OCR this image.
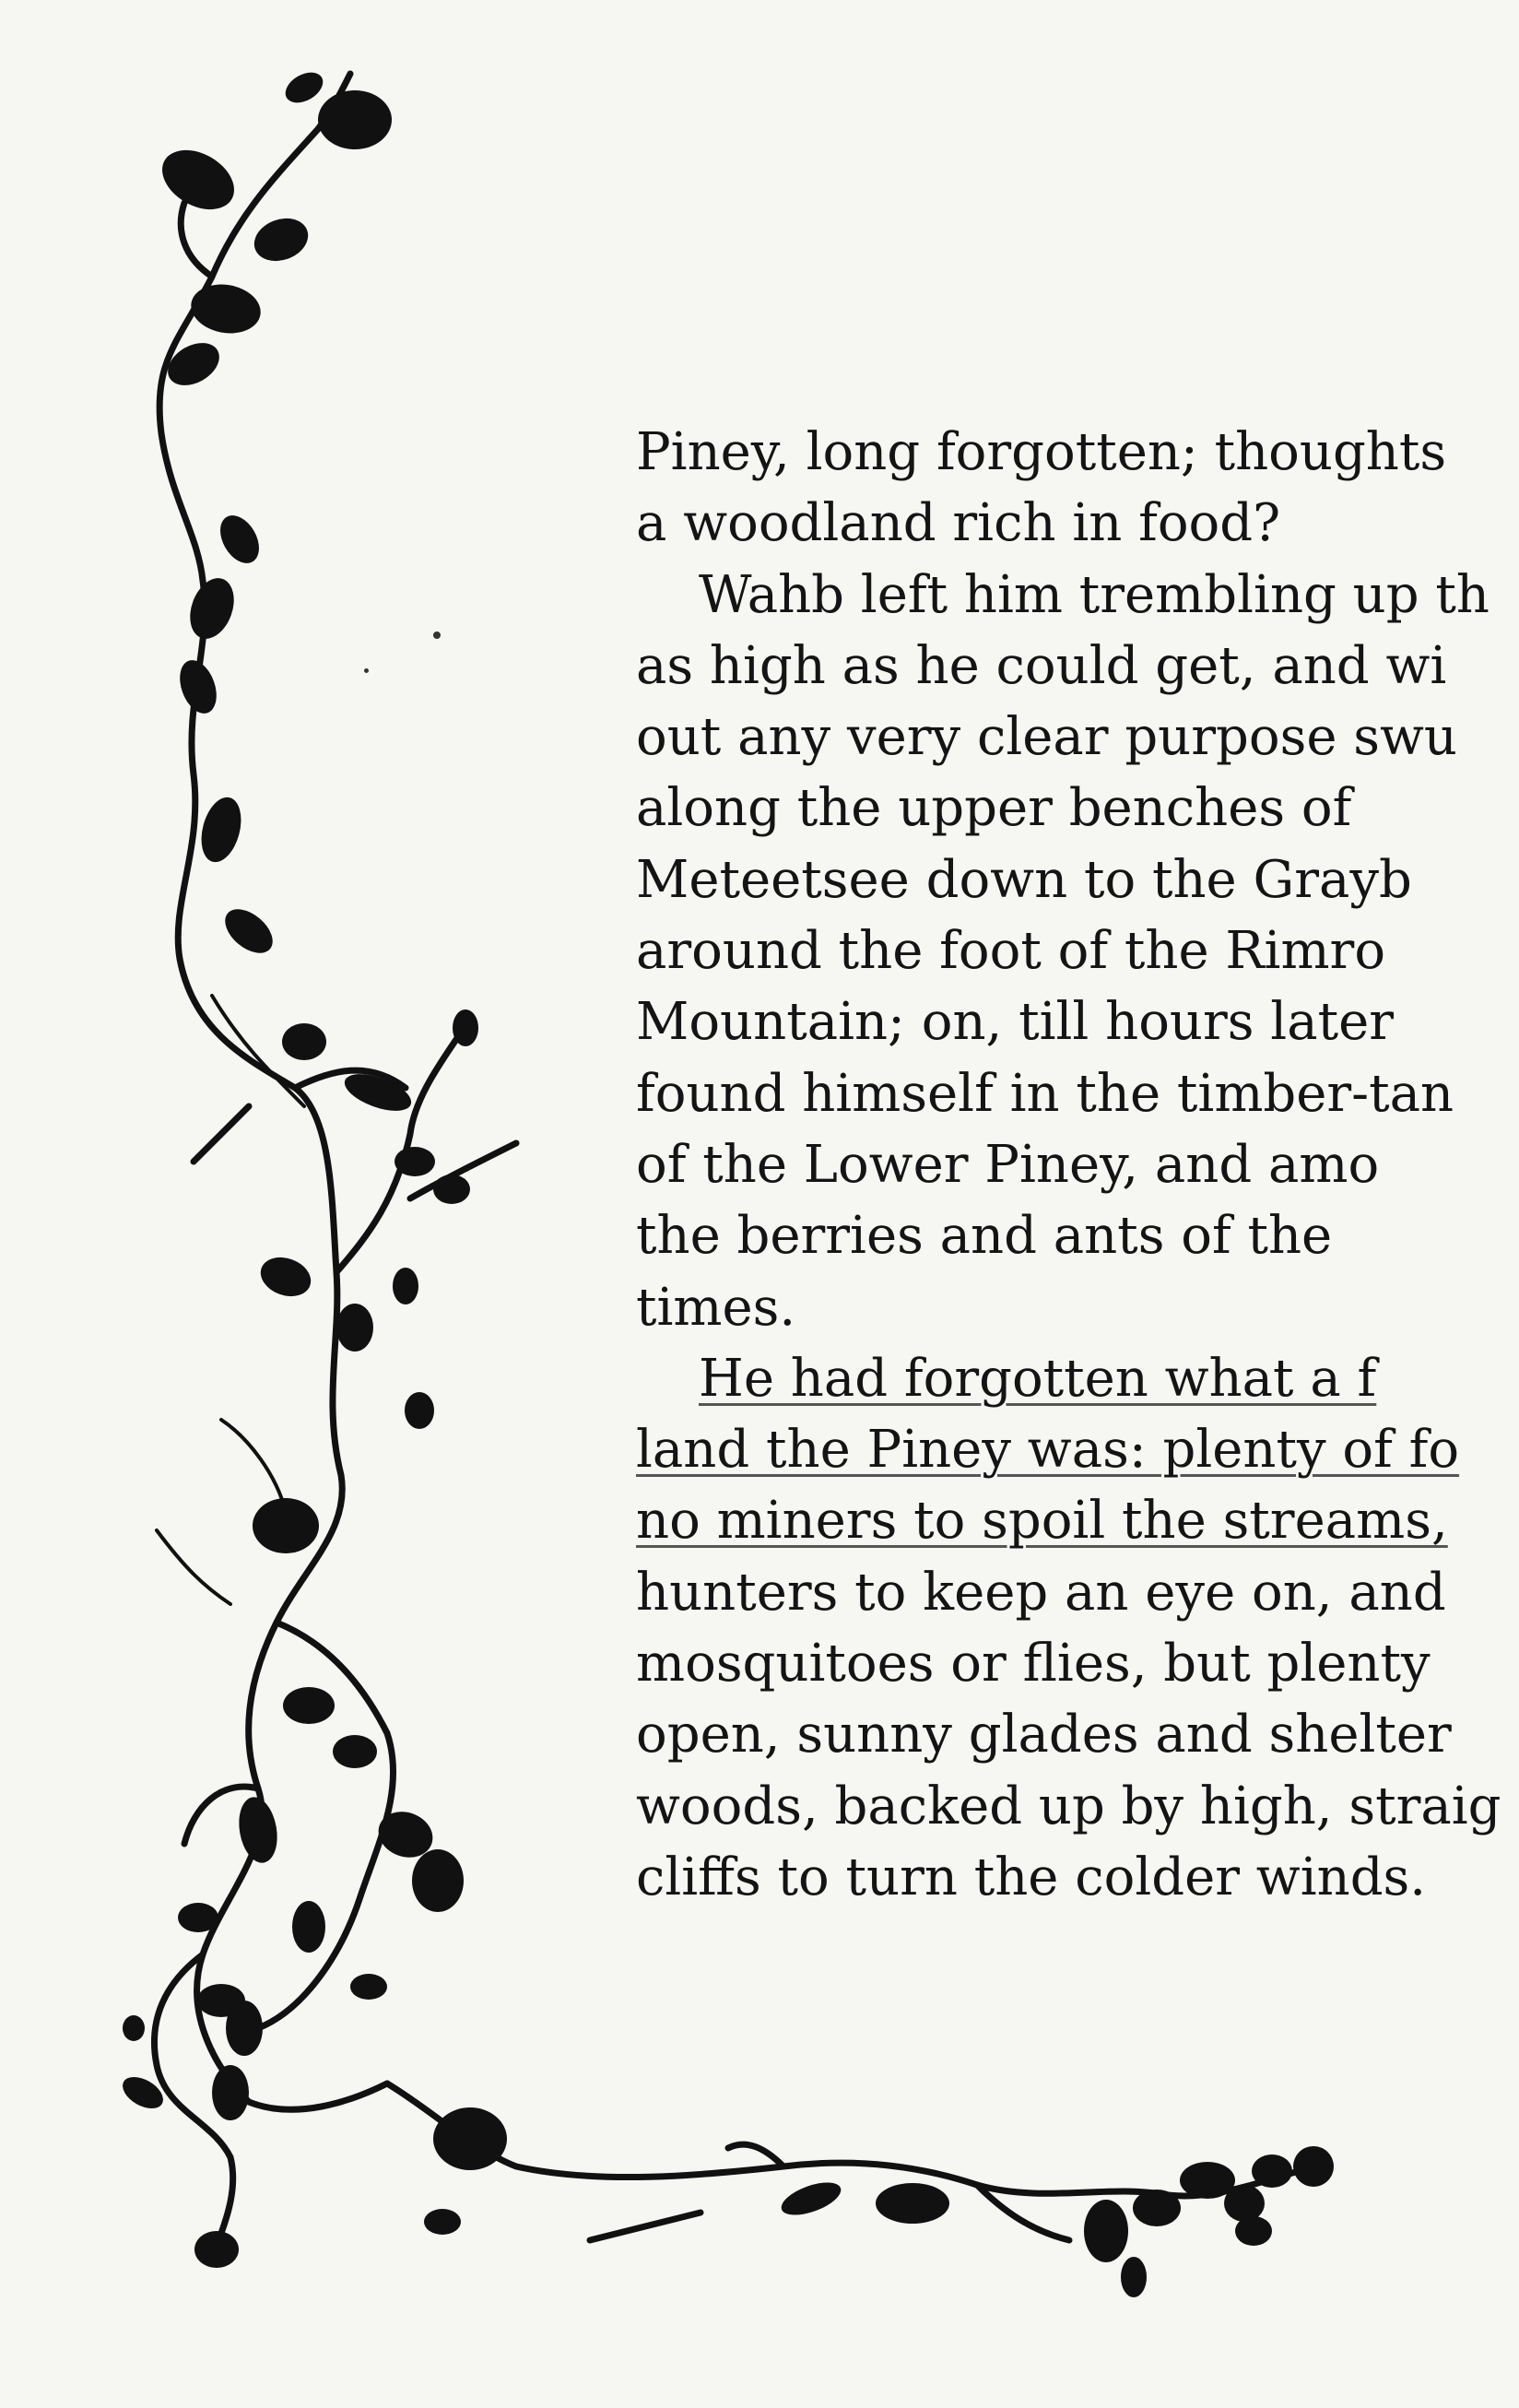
Piney, long forgotten; thoughts
a woodland rich in food?
Wahb left him trembling up th
as high as he could get, and wi
out any very clear purpose swu
along the upper benches of
Meteetsee down to the Grayb
around the foot of the Rimro
Mountain; on, till hours later
found himself in the timber-tan
of the Lower Piney, and amo
the berries and ants of the
times.
He had forgotten what a f
land the Piney was: plenty of fo
no miners to spoil the streams,
hunters to keep an eye on, and
mosquitoes or flies, but plenty
open, sunny glades and shelter
woods, backed up by high, straig
cliffs to turn the colder winds.
